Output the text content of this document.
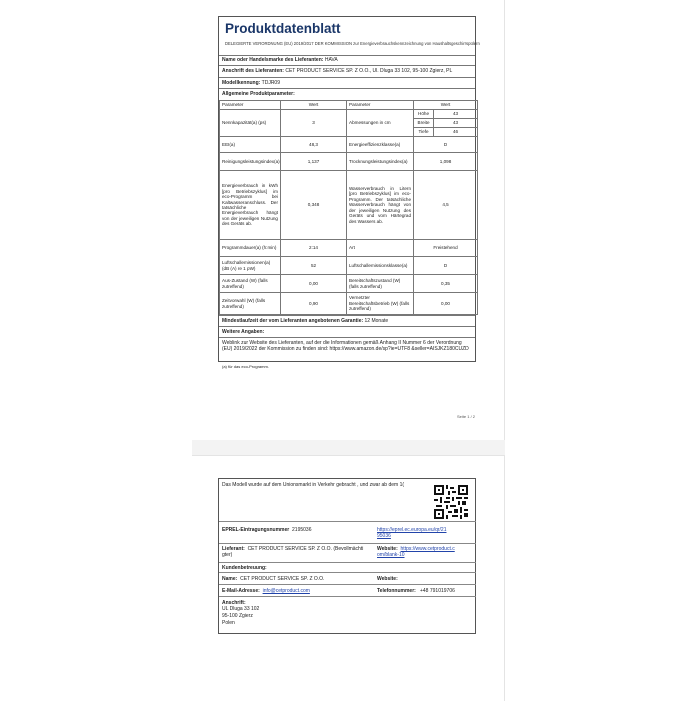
Produktdatenblatt
DELEGIERTE VERORDNUNG (EU) 2019/2017 DER KOMMISSION zur Energieverbrauchskennzeichnung von Haushaltsgeschirrspülern
Name oder Handelsmarke des Lieferanten: HAVA
Anschrift des Lieferanten: CET PRODUCT SERVICE SP. Z O.O., Ul. Dluga 33 102, 95-100 Zgierz, PL
Modellkennung: TDJR09
Allgemeine Produktparameter:
Parameter	Wert	Parameter	Wert	
Nennkapazität(a) (ps)	3	Abmessungen in cm	Höhe	43
			Breite	43
			Tiefe	46
EEI(a)	48,3	Energieeffizienzklasse(a)	D	
Reinigungsleistungsindex(a)	1,137	Trocknungsleistungsindex(a)	1,098	
Energieverbrauch in kWh [pro Betriebszyklus] im eco-Programm bei Kaltwasseranschluss. Der tatsächliche Energieverbrauch hängt von der jeweiligen Nutzung des Geräts ab.	0,348	Wasserverbrauch in Litern [pro Betriebszyklus] im eco-Programm. Der tatsächliche Wasserverbrauch hängt von der jeweiligen Nutzung des Geräts und vom Härtegrad des Wassers ab.	4,5	
Programmdauer(a) (h:min)	2:14	Art	Freistehend	
Luftschallemissionen(a) (dB (A) re 1 pW)	52	Luftschallemissionsklasse(a)	D	
Aus-Zustand (W) (falls zutreffend)	0,00	Bereitschaftszustand (W) (falls zutreffend)	0,35	
Zeitvorwahl (W) (falls zutreffend)	0,90	Vernetzter Bereitschaftsbetrieb (W) (falls zutreffend)	0,00	
Mindestlaufzeit der vom Lieferanten angebotenen Garantie: 12 Monate
Weitere Angaben:
Weblink zur Website des Lieferanten, auf der die Informationen gemäß Anhang II Nummer 6 der Verordnung (EU) 2019/2022 der Kommission zu finden sind: https://www.amazon.de/sp?ie=UTF8 &seller=AISJKZ180CUZD
(a) für das eco-Programm.
Seite 1 / 2
Das Modell wurde auf dem Unionsmarkt in Verkehr gebracht , und zwar ab dem 1(
EPREL-Eintragungsnummer 2195036	https://eprel.ec.europa.eu/qr/21
95036
Lieferant: CET PRODUCT SERVICE SP. Z O.O. (Bevollmächti
gter)
Website: https://www.cetproduct.c
om/blank-10
Kundenbetreuung:
Name: CET PRODUCT SERVICE SP. Z O.O.	Website:
E-Mail-Adresse: info@cetproduct.com	Telefonnummer: +48 791019706
Anschrift:
UL Dluga 33 102
95-100 Zgierz
Polen
